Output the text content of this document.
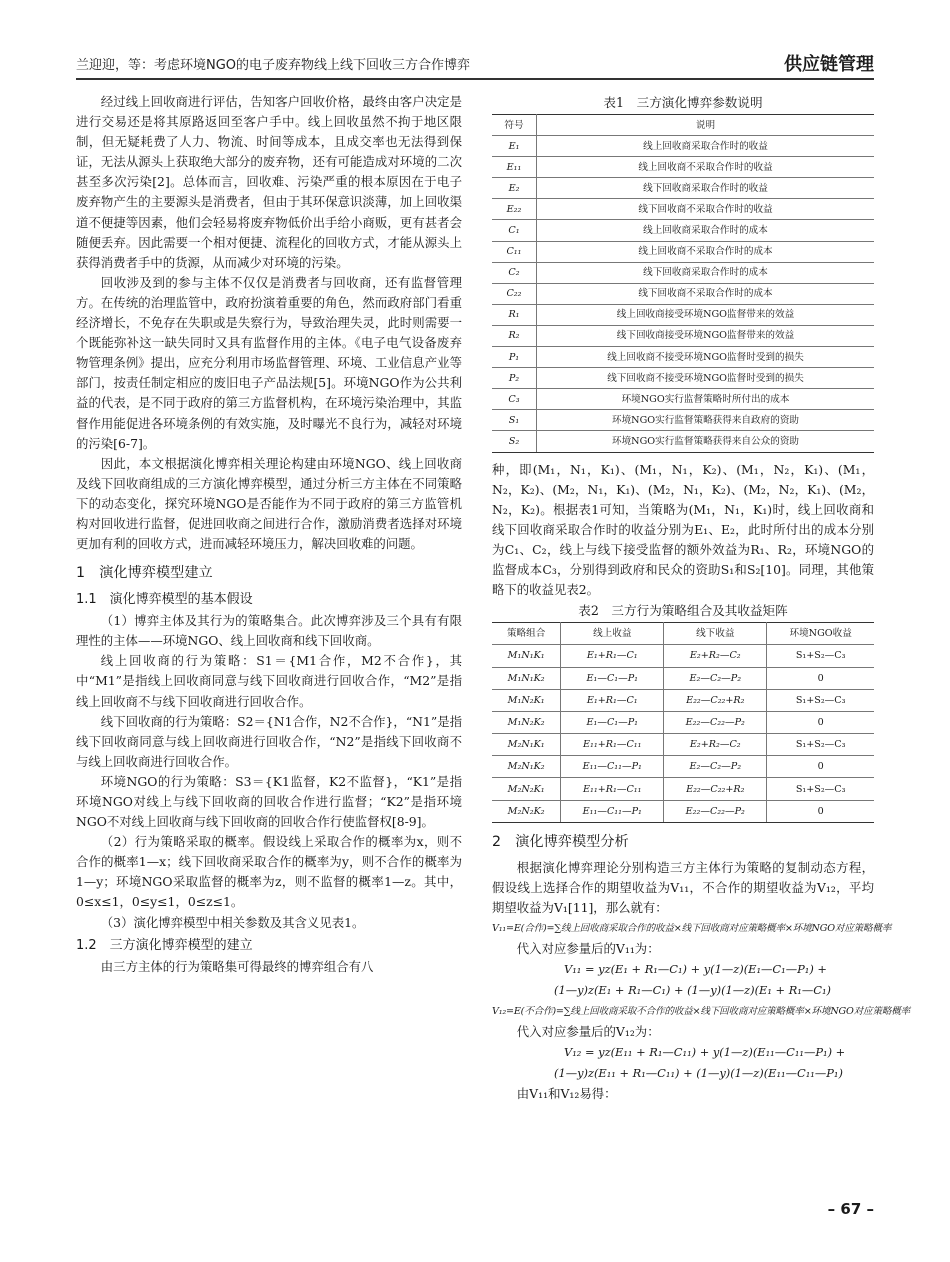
兰迎迎，等：考虑环境NGO的电子废弃物线上线下回收三方合作博弈	供应链管理

经过线上回收商进行评估，告知客户回收价格，最终由客户决定是进行交易还是将其原路返回至客户手中。线上回收虽然不拘于地区限制，但无疑耗费了人力、物流、时间等成本，且成交率也无法得到保证，无法从源头上获取绝大部分的废弃物，还有可能造成对环境的二次甚至多次污染[2]。总体而言，回收难、污染严重的根本原因在于电子废弃物产生的主要源头是消费者，但由于其环保意识淡薄，加上回收渠道不便捷等因素，他们会轻易将废弃物低价出手给小商贩，更有甚者会随便丢弃。因此需要一个相对便捷、流程化的回收方式，才能从源头上获得消费者手中的货源，从而减少对环境的污染。

回收涉及到的参与主体不仅仅是消费者与回收商，还有监督管理方。在传统的治理监管中，政府扮演着重要的角色，然而政府部门看重经济增长，不免存在失职或是失察行为，导致治理失灵，此时则需要一个既能弥补这一缺失同时又具有监督作用的主体。《电子电气设备废弃物管理条例》提出，应充分利用市场监督管理、环境、工业信息产业等部门，按责任制定相应的废旧电子产品法规[5]。环境NGO作为公共利益的代表，是不同于政府的第三方监督机构，在环境污染治理中，其监督作用能促进各环境条例的有效实施，及时曝光不良行为，减轻对环境的污染[6-7]。

因此，本文根据演化博弈相关理论构建由环境NGO、线上回收商及线下回收商组成的三方演化博弈模型，通过分析三方主体在不同策略下的动态变化，探究环境NGO是否能作为不同于政府的第三方监管机构对回收进行监督，促进回收商之间进行合作，激励消费者选择对环境更加有利的回收方式，进而减轻环境压力，解决回收难的问题。

1　演化博弈模型建立
1.1　演化博弈模型的基本假设

（1）博弈主体及其行为的策略集合。此次博弈涉及三个具有有限理性的主体——环境NGO、线上回收商和线下回收商。

线上回收商的行为策略：S1＝{M1合作，M2不合作}，其中“M1”是指线上回收商同意与线下回收商进行回收合作，“M2”是指线上回收商不与线下回收商进行回收合作。

线下回收商的行为策略：S2＝{N1合作，N2不合作}，“N1”是指线下回收商同意与线上回收商进行回收合作，“N2”是指线下回收商不与线上回收商进行回收合作。

环境NGO的行为策略：S3＝{K1监督，K2不监督}，“K1”是指环境NGO对线上与线下回收商的回收合作进行监督；“K2”是指环境NGO不对线上回收商与线下回收商的回收合作行使监督权[8-9]。

（2）行为策略采取的概率。假设线上采取合作的概率为x，则不合作的概率1—x；线下回收商采取合作的概率为y，则不合作的概率为1—y；环境NGO采取监督的概率为z，则不监督的概率1—z。其中，0≤x≤1，0≤y≤1，0≤z≤1。

（3）演化博弈模型中相关参数及其含义见表1。

1.2　三方演化博弈模型的建立

由三方主体的行为策略集可得最终的博弈组合有八

表1　三方演化博弈参数说明
符号	说明
E₁	线上回收商采取合作时的收益
E₁₁	线上回收商不采取合作时的收益
E₂	线下回收商采取合作时的收益
E₂₂	线下回收商不采取合作时的收益
C₁	线上回收商采取合作时的成本
C₁₁	线上回收商不采取合作时的成本
C₂	线下回收商采取合作时的成本
C₂₂	线下回收商不采取合作时的成本
R₁	线上回收商接受环境NGO监督带来的效益
R₂	线下回收商接受环境NGO监督带来的效益
P₁	线上回收商不接受环境NGO监督时受到的损失
P₂	线下回收商不接受环境NGO监督时受到的损失
C₃	环境NGO实行监督策略时所付出的成本
S₁	环境NGO实行监督策略获得来自政府的资助
S₂	环境NGO实行监督策略获得来自公众的资助

种，即(M₁，N₁，K₁)、(M₁，N₁，K₂)、(M₁，N₂，K₁)、(M₁，N₂，K₂)、(M₂，N₁，K₁)、(M₂，N₁，K₂)、(M₂，N₂，K₁)、(M₂，N₂，K₂)。根据表1可知，当策略为(M₁，N₁，K₁)时，线上回收商和线下回收商采取合作时的收益分别为E₁、E₂，此时所付出的成本分别为C₁、C₂，线上与线下接受监督的额外效益为R₁、R₂，环境NGO的监督成本C₃，分别得到政府和民众的资助S₁和S₂[10]。同理，其他策略下的收益见表2。

表2　三方行为策略组合及其收益矩阵
策略组合	线上收益	线下收益	环境NGO收益
M₁N₁K₁	E₁+R₁—C₁	E₂+R₂—C₂	S₁+S₂—C₃
M₁N₁K₂	E₁—C₁—P₁	E₂—C₂—P₂	0
M₁N₂K₁	E₁+R₁—C₁	E₂₂—C₂₂+R₂	S₁+S₂—C₃
M₁N₂K₂	E₁—C₁—P₁	E₂₂—C₂₂—P₂	0
M₂N₁K₁	E₁₁+R₁—C₁₁	E₂+R₂—C₂	S₁+S₂—C₃
M₂N₁K₂	E₁₁—C₁₁—P₁	E₂—C₂—P₂	0
M₂N₂K₁	E₁₁+R₁—C₁₁	E₂₂—C₂₂+R₂	S₁+S₂—C₃
M₂N₂K₂	E₁₁—C₁₁—P₁	E₂₂—C₂₂—P₂	0
2　演化博弈模型分析

根据演化博弈理论分别构造三方主体行为策略的复制动态方程，假设线上选择合作的期望收益为V₁₁，不合作的期望收益为V₁₂，平均期望收益为V₁[11]，那么就有：

V₁₁=E(合作)=∑线上回收商采取合作的收益×线下回收商对应策略概率×环境NGO对应策略概率

代入对应参量后的V₁₁为：

V₁₁ = yz(E₁ + R₁—C₁) + y(1—z)(E₁—C₁—P₁) +

(1—y)z(E₁ + R₁—C₁) + (1—y)(1—z)(E₁ + R₁—C₁)

V₁₂=E(不合作)=∑线上回收商采取不合作的收益×线下回收商对应策略概率×环境NGO对应策略概率

代入对应参量后的V₁₂为：

V₁₂ = yz(E₁₁ + R₁—C₁₁) + y(1—z)(E₁₁—C₁₁—P₁) +

(1—y)z(E₁₁ + R₁—C₁₁) + (1—y)(1—z)(E₁₁—C₁₁—P₁)

由V₁₁和V₁₂易得：

– 67 –
